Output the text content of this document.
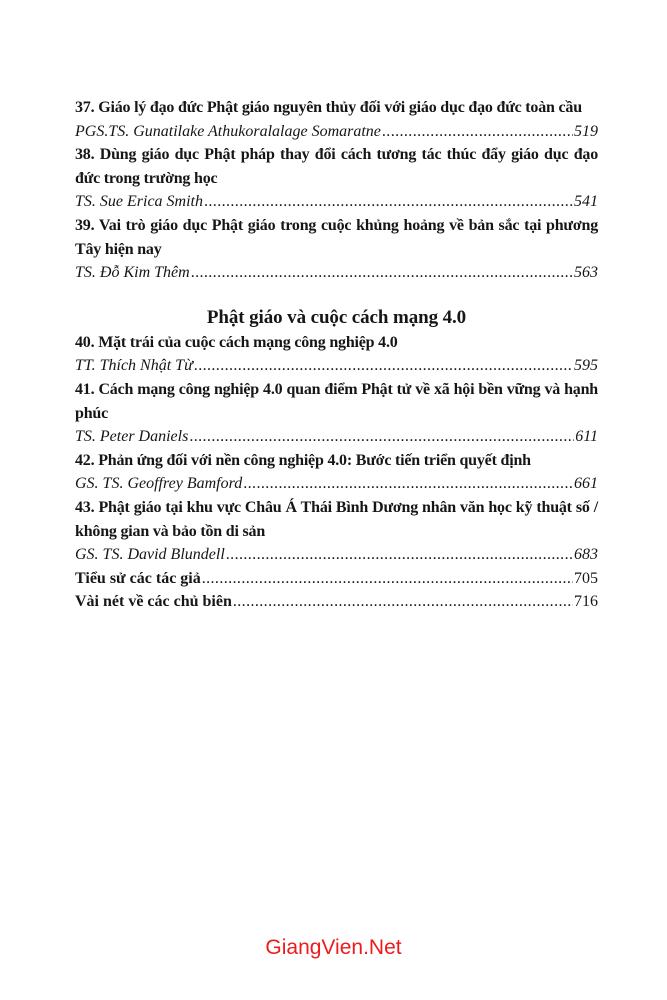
37. Giáo lý đạo đức Phật giáo nguyên thủy đối với giáo dục đạo đức toàn cầu
PGS.TS. Gunatilake Athukoralalage Somaratne .....	519
38. Dùng giáo dục Phật pháp thay đổi cách tương tác thúc đẩy giáo dục đạo đức trong trường học
TS. Sue Erica Smith .....	541
39. Vai trò giáo dục Phật giáo trong cuộc khủng hoảng về bản sắc tại phương Tây hiện nay
TS. Đỗ Kim Thêm .....	563
Phật giáo và cuộc cách mạng 4.0
40. Mặt trái của cuộc cách mạng công nghiệp 4.0
TT. Thích Nhật Từ .....	595
41. Cách mạng công nghiệp 4.0 quan điểm Phật tử về xã hội bền vững và hạnh phúc
TS. Peter Daniels .....	611
42. Phản ứng đối với nền công nghiệp 4.0: Bước tiến triển quyết định
GS. TS. Geoffrey Bamford .....	661
43. Phật giáo tại khu vực Châu Á Thái Bình Dương nhân văn học kỹ thuật số / không gian và bảo tồn di sản
GS. TS. David Blundell .....	683
Tiểu sử các tác giả .....	705
Vài nét về các chủ biên .....	716
GiangVien.Net
